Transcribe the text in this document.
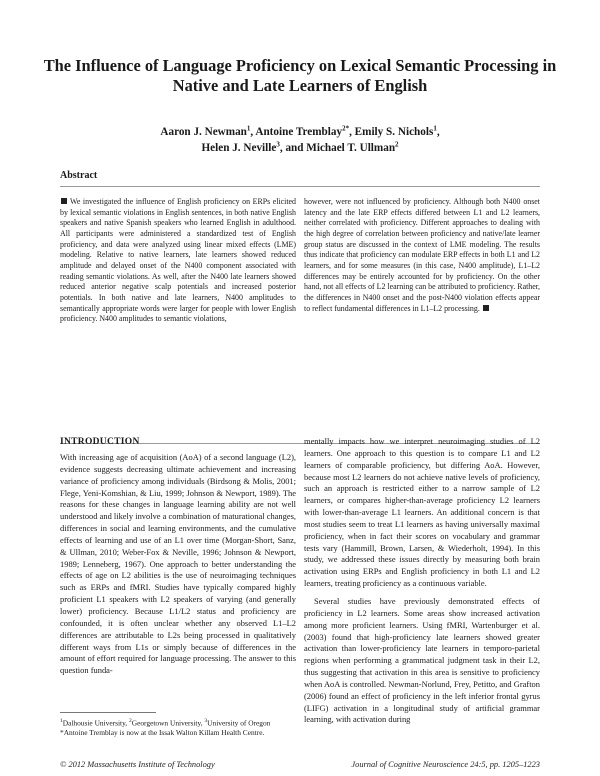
The Influence of Language Proficiency on Lexical Semantic Processing in Native and Late Learners of English
Aaron J. Newman$^1$, Antoine Tremblay$^{2*}$, Emily S. Nichols$^1$,
Helen J. Neville$^3$, and Michael T. Ullman$^2$
Abstract
We investigated the influence of English proficiency on ERPs elicited by lexical semantic violations in English sentences, in both native English speakers and native Spanish speakers who learned English in adulthood. All participants were administered a standardized test of English proficiency, and data were analyzed using linear mixed effects (LME) modeling. Relative to native learners, late learners showed reduced amplitude and delayed onset of the N400 component associated with reading semantic violations. As well, after the N400 late learners showed reduced anterior negative scalp potentials and increased posterior potentials. In both native and late learners, N400 amplitudes to semantically appropriate words were larger for people with lower English proficiency. N400 amplitudes to semantic violations,
however, were not influenced by proficiency. Although both N400 onset latency and the late ERP effects differed between L1 and L2 learners, neither correlated with proficiency. Different approaches to dealing with the high degree of correlation between proficiency and native/late learner group status are discussed in the context of LME modeling. The results thus indicate that proficiency can modulate ERP effects in both L1 and L2 learners, and for some measures (in this case, N400 amplitude), L1–L2 differences may be entirely accounted for by proficiency. On the other hand, not all effects of L2 learning can be attributed to proficiency. Rather, the differences in N400 onset and the post-N400 violation effects appear to reflect fundamental differences in L1–L2 processing.
INTRODUCTION

With increasing age of acquisition (AoA) of a second language (L2), evidence suggests decreasing ultimate achievement and increasing variance of proficiency among individuals (Birdsong & Molis, 2001; Flege, Yeni-Komshian, & Liu, 1999; Johnson & Newport, 1989). The reasons for these changes in language learning ability are not well understood and likely involve a combination of maturational changes, differences in social and learning environments, and the cumulative effects of learning and use of an L1 over time (Morgan-Short, Sanz, & Ullman, 2010; Weber-Fox & Neville, 1996; Johnson & Newport, 1989; Lenneberg, 1967). One approach to better understanding the effects of age on L2 abilities is the use of neuroimaging techniques such as ERPs and fMRI. Studies have typically compared highly proficient L1 speakers with L2 speakers of varying (and generally lower) proficiency. Because L1/L2 status and proficiency are confounded, it is often unclear whether any observed L1–L2 differences are attributable to L2s being processed in qualitatively different ways from L1s or simply because of differences in the amount of effort required for language processing. The answer to this question funda-

mentally impacts how we interpret neuroimaging studies of L2 learners. One approach to this question is to compare L1 and L2 learners of comparable proficiency, but differing AoA. However, because most L2 learners do not achieve native levels of proficiency, such an approach is restricted either to a narrow sample of L2 learners, or compares higher-than-average proficiency L2 learners with lower-than-average L1 learners. An additional concern is that most studies seem to treat L1 learners as having universally maximal proficiency, when in fact their scores on vocabulary and grammar tests vary (Hammill, Brown, Larsen, & Wiederholt, 1994). In this study, we addressed these issues directly by measuring both brain activation using ERPs and English proficiency in both L1 and L2 learners, treating proficiency as a continuous variable.

Several studies have previously demonstrated effects of proficiency in L2 learners. Some areas show increased activation among more proficient learners. Using fMRI, Wartenburger et al. (2003) found that high-proficiency late learners showed greater activation than lower-proficiency late learners in temporo-parietal regions when performing a grammatical judgment task in their L2, thus suggesting that activation in this area is sensitive to proficiency when AoA is controlled. Newman-Norlund, Frey, Petitto, and Grafton (2006) found an effect of proficiency in the left inferior frontal gyrus (LIFG) activation in a longitudinal study of artificial grammar learning, with activation during

$^1$Dalhousie University, $^2$Georgetown University, $^3$University of Oregon
*Antoine Tremblay is now at the Issak Walton Killam Health Centre.
© 2012 Massachusetts Institute of Technology	Journal of Cognitive Neuroscience 24:5, pp. 1205–1223
